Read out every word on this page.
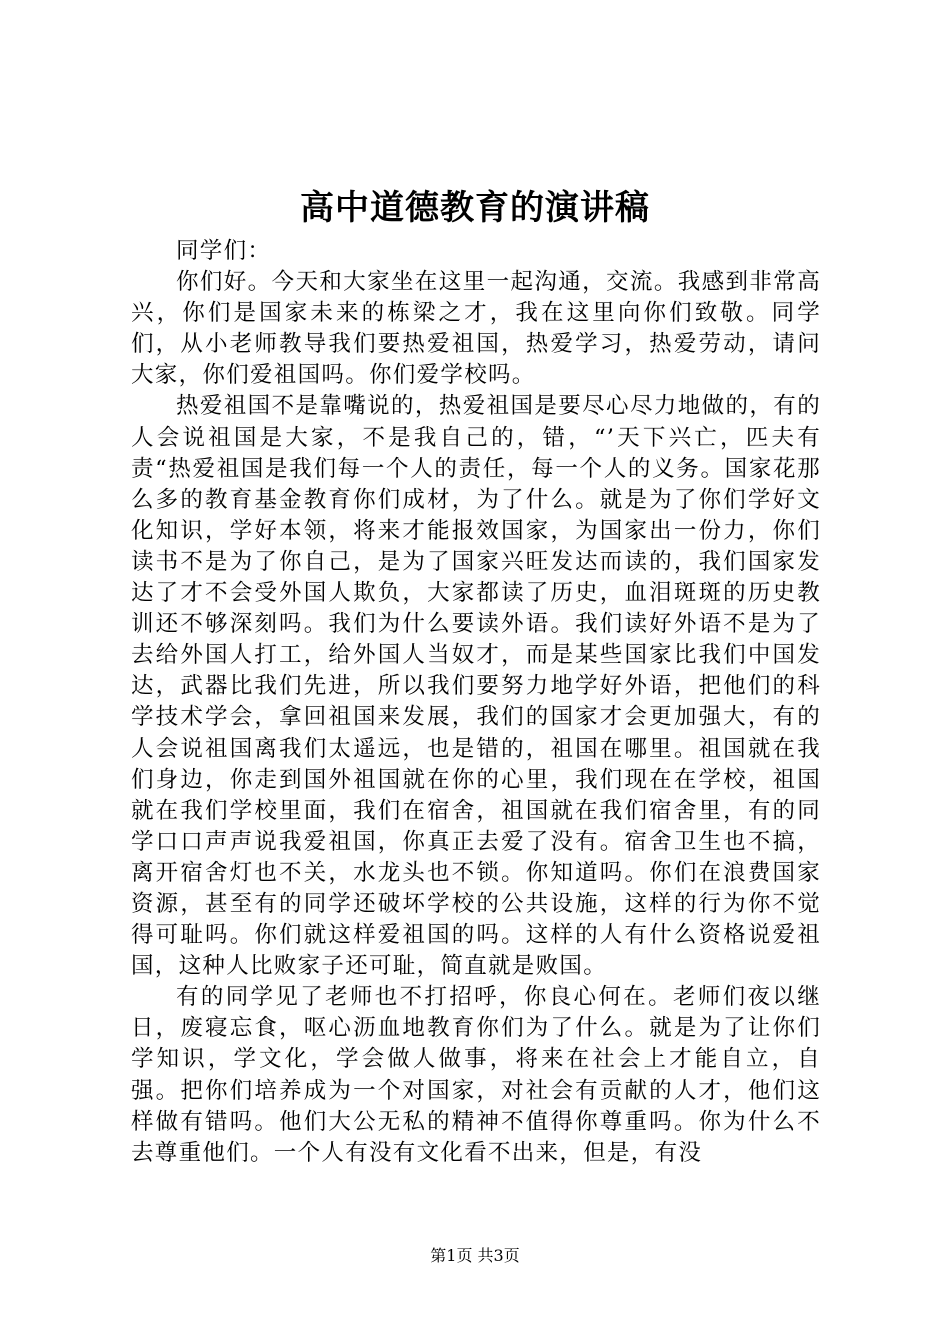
高中道德教育的演讲稿

同学们：

你们好。今天和大家坐在这里一起沟通，交流。我感到非常高兴，你们是国家未来的栋梁之才，我在这里向你们致敬。同学们，从小老师教导我们要热爱祖国，热爱学习，热爱劳动，请问大家，你们爱祖国吗。你们爱学校吗。

热爱祖国不是靠嘴说的，热爱祖国是要尽心尽力地做的，有的人会说祖国是大家，不是我自己的，错，“’天下兴亡，匹夫有责“热爱祖国是我们每一个人的责任，每一个人的义务。国家花那么多的教育基金教育你们成材，为了什么。就是为了你们学好文化知识，学好本领，将来才能报效国家，为国家出一份力，你们读书不是为了你自己，是为了国家兴旺发达而读的，我们国家发达了才不会受外国人欺负，大家都读了历史，血泪斑斑的历史教训还不够深刻吗。我们为什么要读外语。我们读好外语不是为了去给外国人打工，给外国人当奴才，而是某些国家比我们中国发达，武器比我们先进，所以我们要努力地学好外语，把他们的科学技术学会，拿回祖国来发展，我们的国家才会更加强大，有的人会说祖国离我们太遥远，也是错的，祖国在哪里。祖国就在我们身边，你走到国外祖国就在你的心里，我们现在在学校，祖国就在我们学校里面，我们在宿舍，祖国就在我们宿舍里，有的同学口口声声说我爱祖国，你真正去爱了没有。宿舍卫生也不搞，离开宿舍灯也不关，水龙头也不锁。你知道吗。你们在浪费国家资源，甚至有的同学还破坏学校的公共设施，这样的行为你不觉得可耻吗。你们就这样爱祖国的吗。这样的人有什么资格说爱祖国，这种人比败家子还可耻，简直就是败国。

有的同学见了老师也不打招呼，你良心何在。老师们夜以继日，废寝忘食，呕心沥血地教育你们为了什么。就是为了让你们学知识，学文化，学会做人做事，将来在社会上才能自立，自强。把你们培养成为一个对国家，对社会有贡献的人才，他们这样做有错吗。他们大公无私的精神不值得你尊重吗。你为什么不去尊重他们。一个人有没有文化看不出来，但是，有没

第1页 共3页
